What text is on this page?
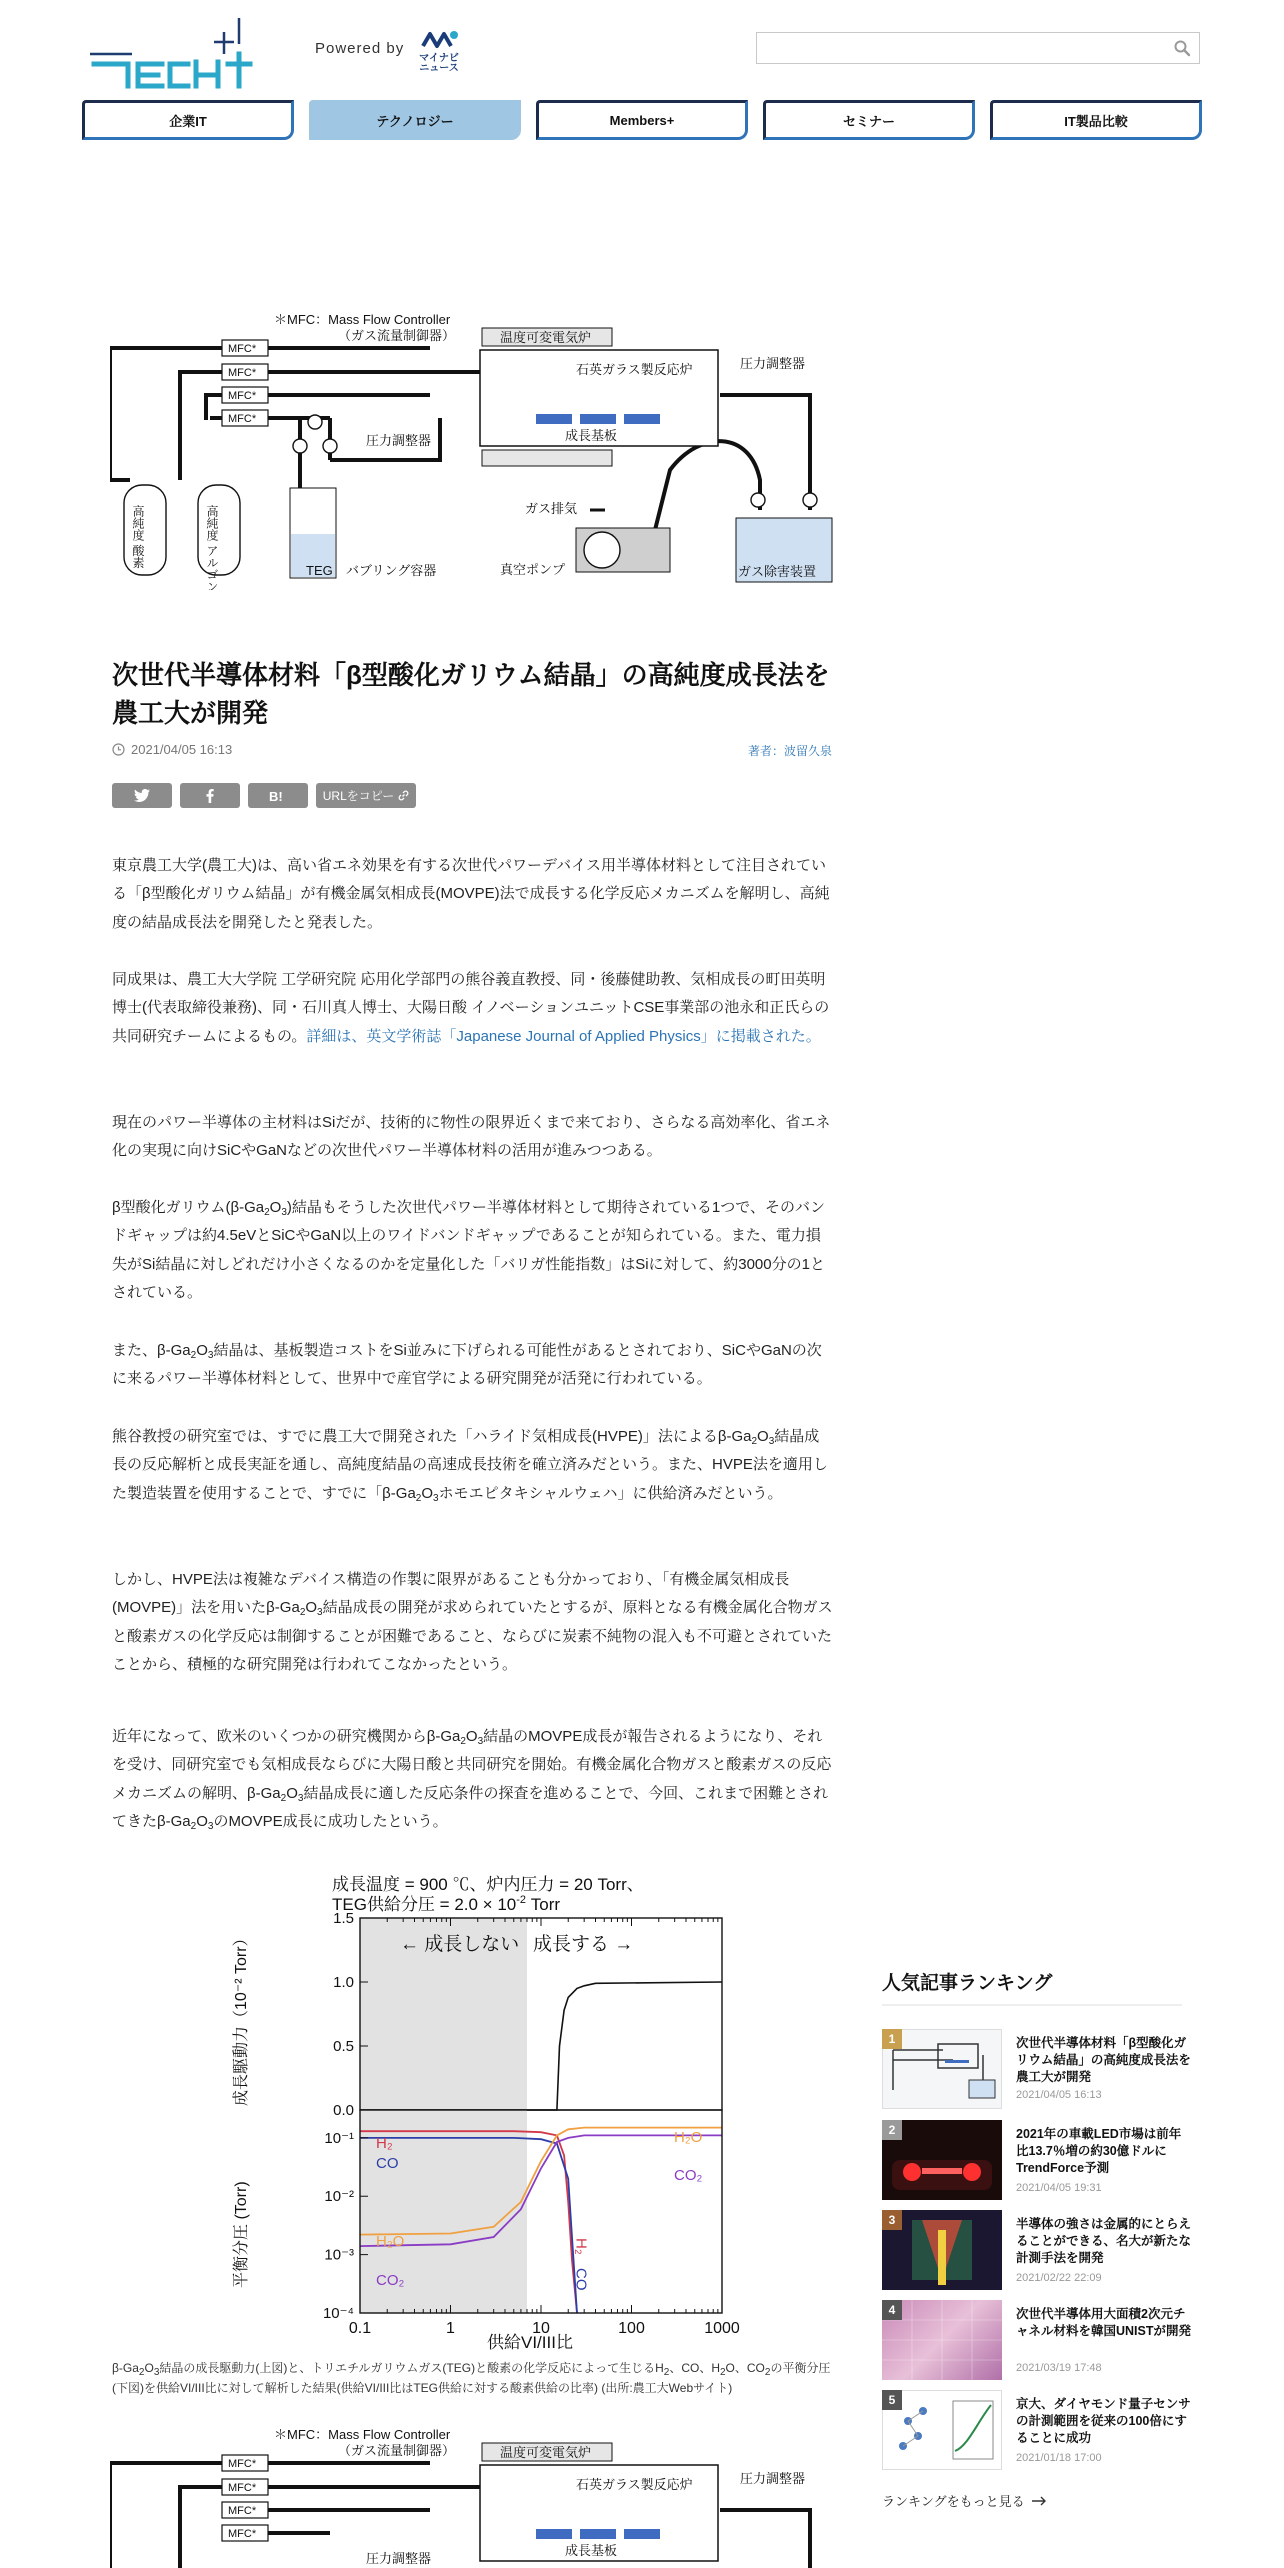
TECH+
Powered by
マイナビニュース
企業IT	テクノロジー	Members+	セミナー	IT製品比較
＊MFC：Mass Flow Controller
（ガス流量制御器）
MFC*
MFC*
MFC*
MFC*
温度可変電気炉
石英ガラス製反応炉
成長基板
圧力調整器
圧力調整器
TEG バブリング容器
高純度 酸素	高純度 アルゴン	ガス排気
真空ポンプ	ガス除害装置
次世代半導体材料「β型酸化ガリウム結晶」の高純度成長法を農工大が開発
2021/04/05 16:13	著者：波留久泉
B!	URLをコピー

東京農工大学(農工大)は、高い省エネ効果を有する次世代パワーデバイス用半導体材料として注目されている「β型酸化ガリウム結晶」が有機金属気相成長(MOVPE)法で成長する化学反応メカニズムを解明し、高純度の結晶成長法を開発したと発表した。

同成果は、農工大大学院 工学研究院 応用化学部門の熊谷義直教授、同・後藤健助教、気相成長の町田英明博士(代表取締役兼務)、同・石川真人博士、大陽日酸 イノベーションユニットCSE事業部の池永和正氏らの共同研究チームによるもの。詳細は、英文学術誌「Japanese Journal of Applied Physics」に掲載された。

現在のパワー半導体の主材料はSiだが、技術的に物性の限界近くまで来ており、さらなる高効率化、省エネ化の実現に向けSiCやGaNなどの次世代パワー半導体材料の活用が進みつつある。

β型酸化ガリウム$(\beta-Ga_2O_3)$結晶もそうした次世代パワー半導体材料として期待されている1つで、そのバンドギャップは約4.5eVとSiCやGaN以上のワイドバンドギャップであることが知られている。また、電力損失がSi結晶に対しどれだけ小さくなるのかを定量化した「バリガ性能指数」はSiに対して、約3000分の1とされている。

また、$\beta-Ga_2O_3$結晶は、基板製造コストをSi並みに下げられる可能性があるとされており、SiCやGaNの次に来るパワー半導体材料として、世界中で産官学による研究開発が活発に行われている。

熊谷教授の研究室では、すでに農工大で開発された「ハライド気相成長(HVPE)」法による$\beta-Ga_2O_3$結晶成長の反応解析と成長実証を通し、高純度結晶の高速成長技術を確立済みだという。また、HVPE法を適用した製造装置を使用することで、すでに「$\beta-Ga_2O_3$ホモエピタキシャルウェハ」に供給済みだという。

しかし、HVPE法は複雑なデバイス構造の作製に限界があることも分かっており、「有機金属気相成長(MOVPE)」法を用いた$\beta-Ga_2O_3$結晶成長の開発が求められていたとするが、原料となる有機金属化合物ガスと酸素ガスの化学反応は制御することが困難であること、ならびに炭素不純物の混入も不可避とされていたことから、積極的な研究開発は行われてこなかったという。

近年になって、欧米のいくつかの研究機関から$\beta-Ga_2O_3$結晶のMOVPE成長が報告されるようになり、それを受け、同研究室でも気相成長ならびに大陽日酸と共同研究を開始。有機金属化合物ガスと酸素ガスの反応メカニズムの解明、$\beta-Ga_2O_3$結晶成長に適した反応条件の探査を進めることで、今回、これまで困難とされてきた$\beta-Ga_2O_3$のMOVPE成長に成功したという。

成長温度 = 900 ℃、炉内圧力 = 20 Torr、
TEG供給分圧 = $2.0 \times 10^{-2}$ Torr
0.0
0.5
1.0
1.5
← 成長しない 成長する →
0.1	1	10	100	1000
10⁻¹
10⁻²
10⁻³
10⁻⁴
H₂
CO
H₂O
CO₂
H₂O
CO₂
H₂
CO
供給VI/III比
成長駆動力（10⁻² Torr）
平衡分圧 (Torr)

$\beta-Ga_2O_3$結晶の成長駆動力(上図)と、トリエチルガリウムガス(TEG)と酸素の化学反応によって生じる$H_2$、CO、$H_2O$、$CO_2$の平衡分圧(下図)を供給VI/III比に対して解析した結果(供給VI/III比はTEG供給に対する酸素供給の比率) (出所:農工大Webサイト)

＊MFC：Mass Flow Controller
（ガス流量制御器）
MFC*
MFC*
MFC*
MFC*
温度可変電気炉
石英ガラス製反応炉
成長基板
圧力調整器
圧力調整器
人気記事ランキング
1	次世代半導体材料「β型酸化ガリウム結晶」の高純度成長法を農工大が開発
2021/04/05 16:13
2	2021年の車載LED市場は前年比13.7％増の約30億ドルに　TrendForce予測
2021/04/05 19:31
3	半導体の強さは金属的にとらえることができる、名大が新たな計測手法を開発
2021/02/22 22:09
4	次世代半導体用大面積2次元チャネル材料を韓国UNISTが開発
2021/03/19 17:48
5	京大、ダイヤモンド量子センサの計測範囲を従来の100倍にすることに成功
2021/01/18 17:00
ランキングをもっと見る
